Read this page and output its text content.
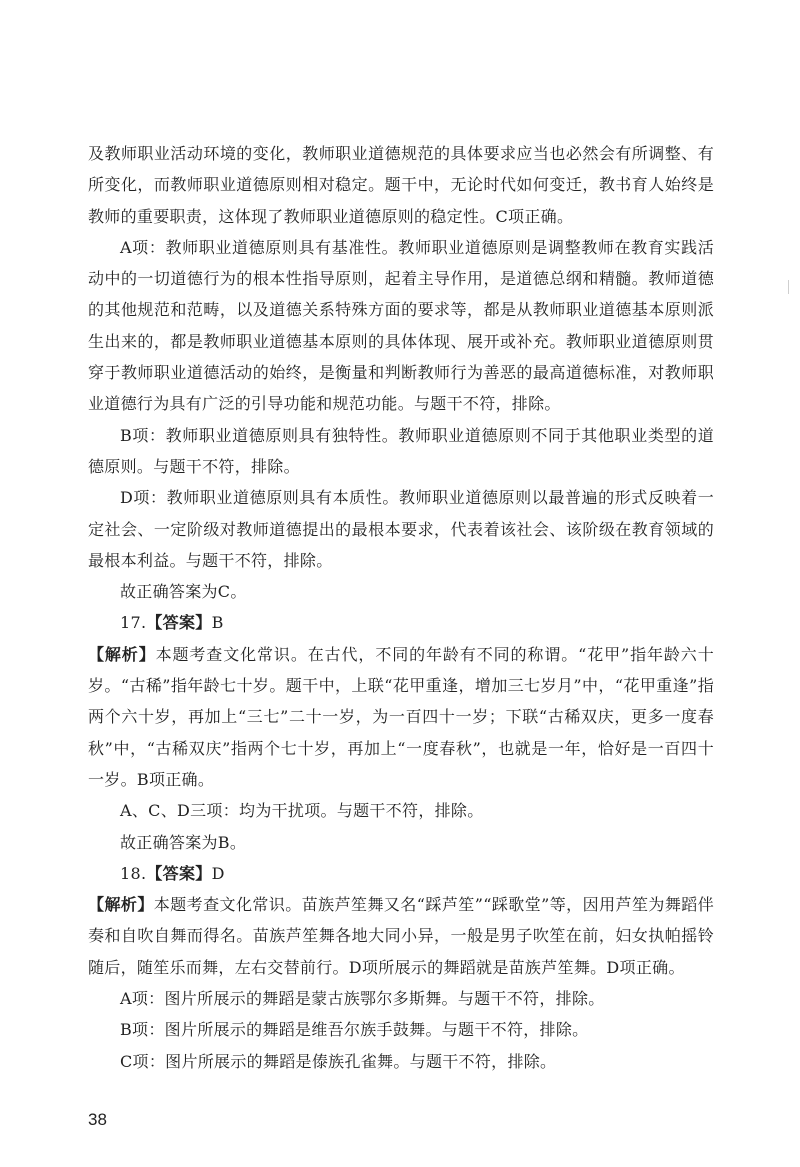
及教师职业活动环境的变化，教师职业道德规范的具体要求应当也必然会有所调整、有所变化，而教师职业道德原则相对稳定。题干中，无论时代如何变迁，教书育人始终是教师的重要职责，这体现了教师职业道德原则的稳定性。C项正确。

A项：教师职业道德原则具有基准性。教师职业道德原则是调整教师在教育实践活动中的一切道德行为的根本性指导原则，起着主导作用，是道德总纲和精髓。教师道德的其他规范和范畴，以及道德关系特殊方面的要求等，都是从教师职业道德基本原则派生出来的，都是教师职业道德基本原则的具体体现、展开或补充。教师职业道德原则贯穿于教师职业道德活动的始终，是衡量和判断教师行为善恶的最高道德标准，对教师职业道德行为具有广泛的引导功能和规范功能。与题干不符，排除。

B项：教师职业道德原则具有独特性。教师职业道德原则不同于其他职业类型的道德原则。与题干不符，排除。

D项：教师职业道德原则具有本质性。教师职业道德原则以最普遍的形式反映着一定社会、一定阶级对教师道德提出的最根本要求，代表着该社会、该阶级在教育领域的最根本利益。与题干不符，排除。

故正确答案为C。

17.【答案】B

【解析】本题考查文化常识。在古代，不同的年龄有不同的称谓。“花甲”指年龄六十岁。“古稀”指年龄七十岁。题干中，上联“花甲重逢，增加三七岁月”中，“花甲重逢”指两个六十岁，再加上“三七”二十一岁，为一百四十一岁；下联“古稀双庆，更多一度春秋”中，“古稀双庆”指两个七十岁，再加上“一度春秋”，也就是一年，恰好是一百四十一岁。B项正确。

A、C、D三项：均为干扰项。与题干不符，排除。

故正确答案为B。

18.【答案】D

【解析】本题考查文化常识。苗族芦笙舞又名“踩芦笙”“踩歌堂”等，因用芦笙为舞蹈伴奏和自吹自舞而得名。苗族芦笙舞各地大同小异，一般是男子吹笙在前，妇女执帕摇铃随后，随笙乐而舞，左右交替前行。D项所展示的舞蹈就是苗族芦笙舞。D项正确。

A项：图片所展示的舞蹈是蒙古族鄂尔多斯舞。与题干不符，排除。

B项：图片所展示的舞蹈是维吾尔族手鼓舞。与题干不符，排除。

C项：图片所展示的舞蹈是傣族孔雀舞。与题干不符，排除。

38
